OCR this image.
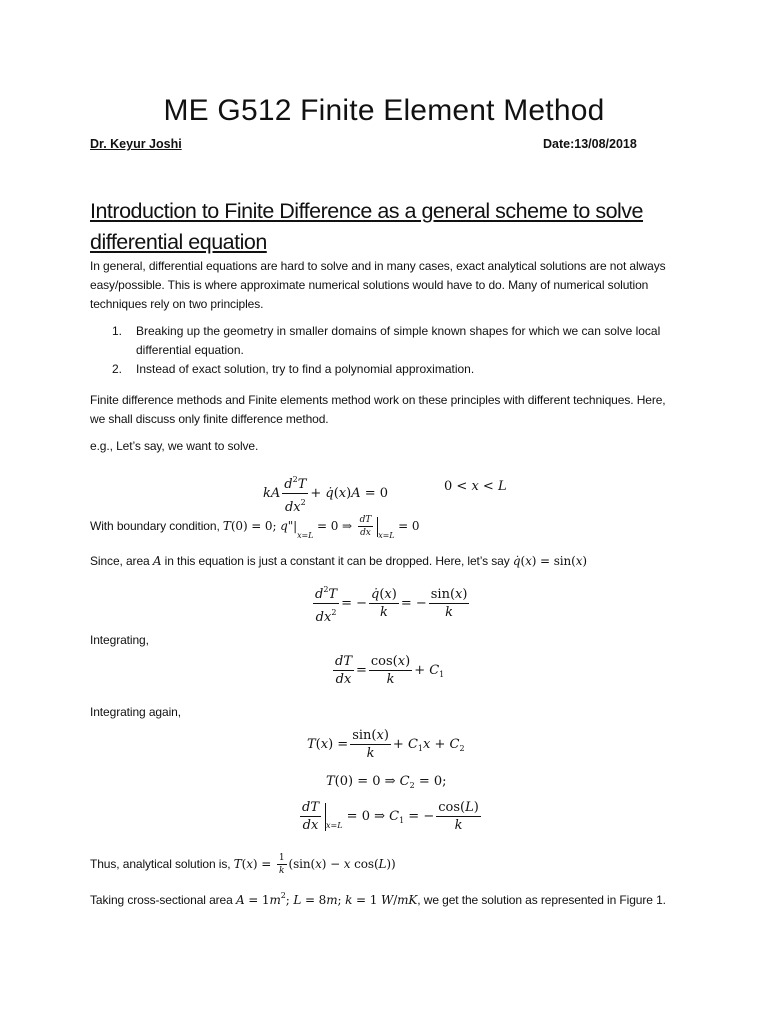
ME G512 Finite Element Method
Dr. Keyur Joshi	Date:13/08/2018
Introduction to Finite Difference as a general scheme to solve differential equation
In general, differential equations are hard to solve and in many cases, exact analytical solutions are not always easy/possible. This is where approximate numerical solutions would have to do. Many of numerical solution techniques rely on two principles.
1. Breaking up the geometry in smaller domains of simple known shapes for which we can solve local differential equation.
2. Instead of exact solution, try to find a polynomial approximation.
Finite difference methods and Finite elements method work on these principles with different techniques. Here, we shall discuss only finite difference method.
e.g., Let’s say, we want to solve.
kA $\frac{d^2T}{dx^2}$ + q̇(x)A = 0	0 < x < L
With boundary condition, T(0) = 0; $q"|_{x=L} = 0$ ⇒ $\frac{dT}{dx} _{x=L} = 0$
Since, area A in this equation is just a constant it can be dropped. Here, let’s say q̇(x) = sin(x)
$\frac{d^2T}{dx^2}$ = − $\frac{q̇(x)}{k}$ = − $\frac{\sin(x)}{k}$
Integrating,
$\frac{dT}{dx} = \frac{\cos(x)}{k} + C_1$
Integrating again,
$T(x) = \frac{\sin(x)}{k} + C_1x + C_2$
T(0) = 0 ⇒ $C_2 = 0$;
$\frac{dT}{dx} _{x=L} = 0$ ⇒ $C_1$ = − $\frac{\cos(L)}{k}$
Thus, analytical solution is, $T(x) = \frac{1}{k} (\sin(x) - x$ cos(L))
Taking cross-sectional area $A = 1m^2$; L = 8m; k = 1 W/mK, we get the solution as represented in Figure 1.
